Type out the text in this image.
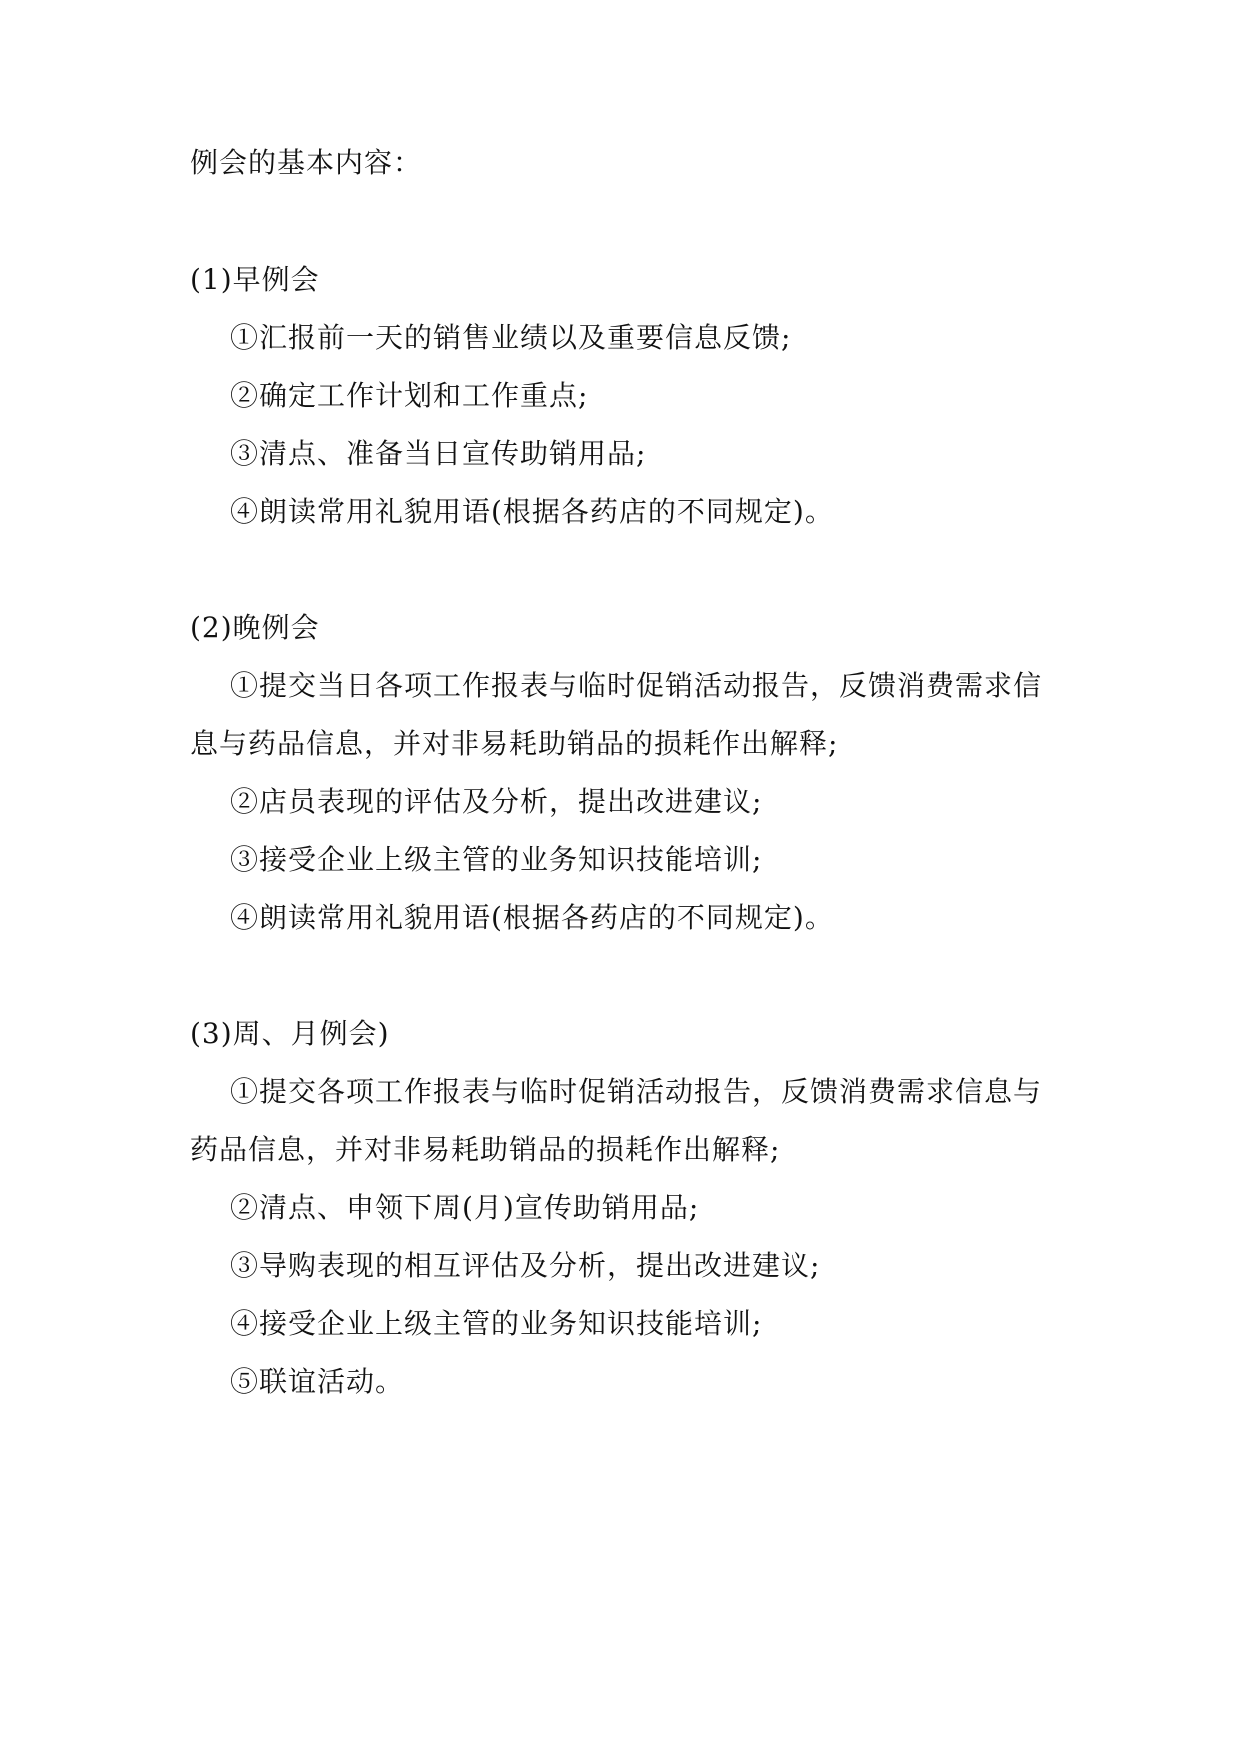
例会的基本内容：
(1)早例会
①汇报前一天的销售业绩以及重要信息反馈;
②确定工作计划和工作重点;
③清点、准备当日宣传助销用品;
④朗读常用礼貌用语(根据各药店的不同规定)。
(2)晚例会
①提交当日各项工作报表与临时促销活动报告，反馈消费需求信
息与药品信息，并对非易耗助销品的损耗作出解释;
②店员表现的评估及分析，提出改进建议;
③接受企业上级主管的业务知识技能培训;
④朗读常用礼貌用语(根据各药店的不同规定)。
(3)周、月例会)
①提交各项工作报表与临时促销活动报告，反馈消费需求信息与
药品信息，并对非易耗助销品的损耗作出解释;
②清点、申领下周(月)宣传助销用品;
③导购表现的相互评估及分析，提出改进建议;
④接受企业上级主管的业务知识技能培训;
⑤联谊活动。
